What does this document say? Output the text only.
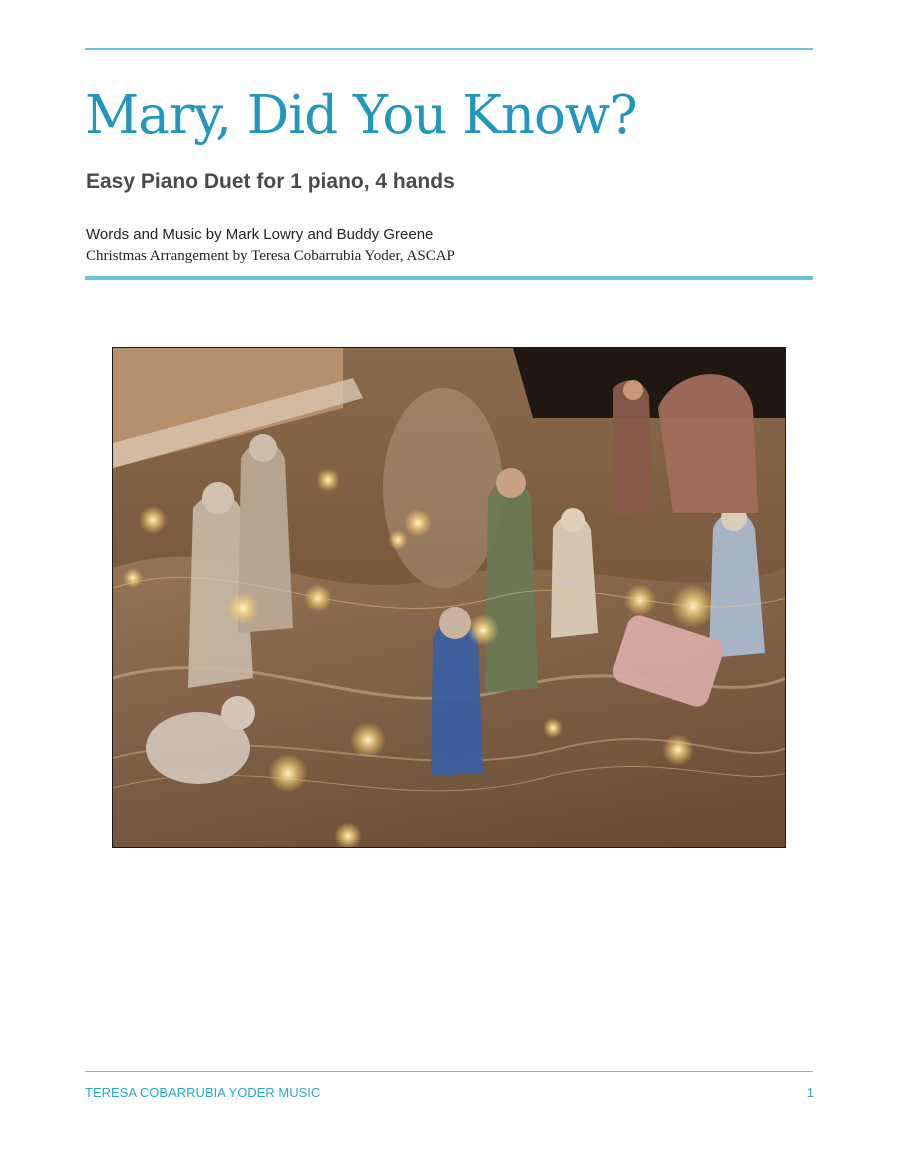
Mary, Did You Know?
Easy Piano Duet for 1 piano, 4 hands
Words and Music by Mark Lowry and Buddy Greene
Christmas Arrangement by Teresa Cobarrubia Yoder, ASCAP
TERESA COBARRUBIA YODER MUSIC	1
